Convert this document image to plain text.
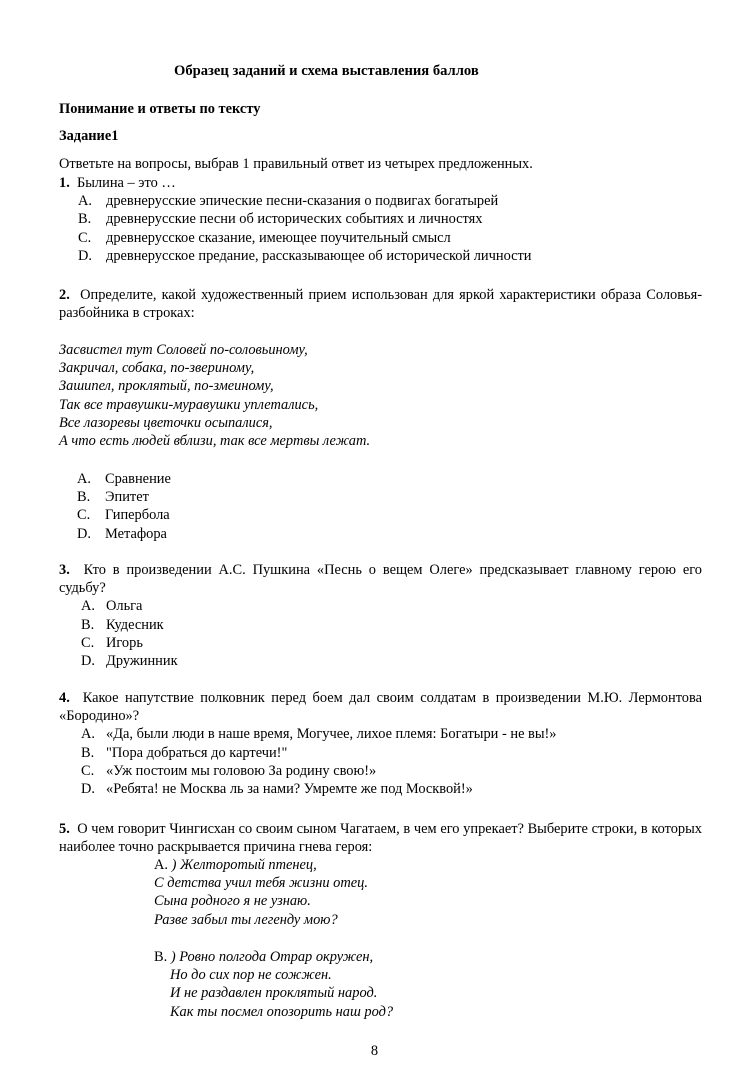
Образец заданий и схема выставления баллов
Понимание и ответы по тексту
Задание1
Ответьте на вопросы, выбрав 1 правильный ответ из четырех предложенных.
1. Былина – это …
A. древнерусские эпические песни-сказания о подвигах богатырей
B.	древнерусские песни об исторических событиях и личностях
C.	древнерусское сказание, имеющее поучительный смысл
D. древнерусское предание, рассказывающее об исторической личности
2. Определите, какой художественный прием использован для яркой характеристики образа Соловья-разбойника в строках:
Засвистел тут Соловей по-соловьиному,
Закричал, собака, по-звериному,
Зашипел, проклятый, по-змеиному,
Так все травушки-муравушки уплетались,
Все лазоревы цветочки осыпалися,
А что есть людей вблизи, так все мертвы лежат.
A. Сравнение
B.	Эпитет
C.	Гипербола
D. Метафора
3. Кто в произведении А.С. Пушкина «Песнь о вещем Олеге» предсказывает главному герою его судьбу?
A. Ольга
B. Кудесник
C. Игорь
D. Дружинник
4. Какое напутствие полковник перед боем дал своим солдатам в произведении М.Ю. Лермонтова «Бородино»?
A. «Да, были люди в наше время, Могучее, лихое племя: Богатыри - не вы!»
B. "Пора добраться до картечи!"
C. «Уж постоим мы головою За родину свою!»
D. «Ребята! не Москва ль за нами? Умремте же под Москвой!»
5. О чем говорит Чингисхан со своим сыном Чагатаем, в чем его упрекает? Выберите строки, в которых наиболее точно раскрывается причина гнева героя:
А. ) Желторотый птенец,
С детства учил тебя жизни отец.
Сына родного я не узнаю.
Разве забыл ты легенду мою?
В. ) Ровно полгода Отрар окружен,
Но до сих пор не сожжен.
И не раздавлен проклятый народ.
Как ты посмел опозорить наш род?
8
